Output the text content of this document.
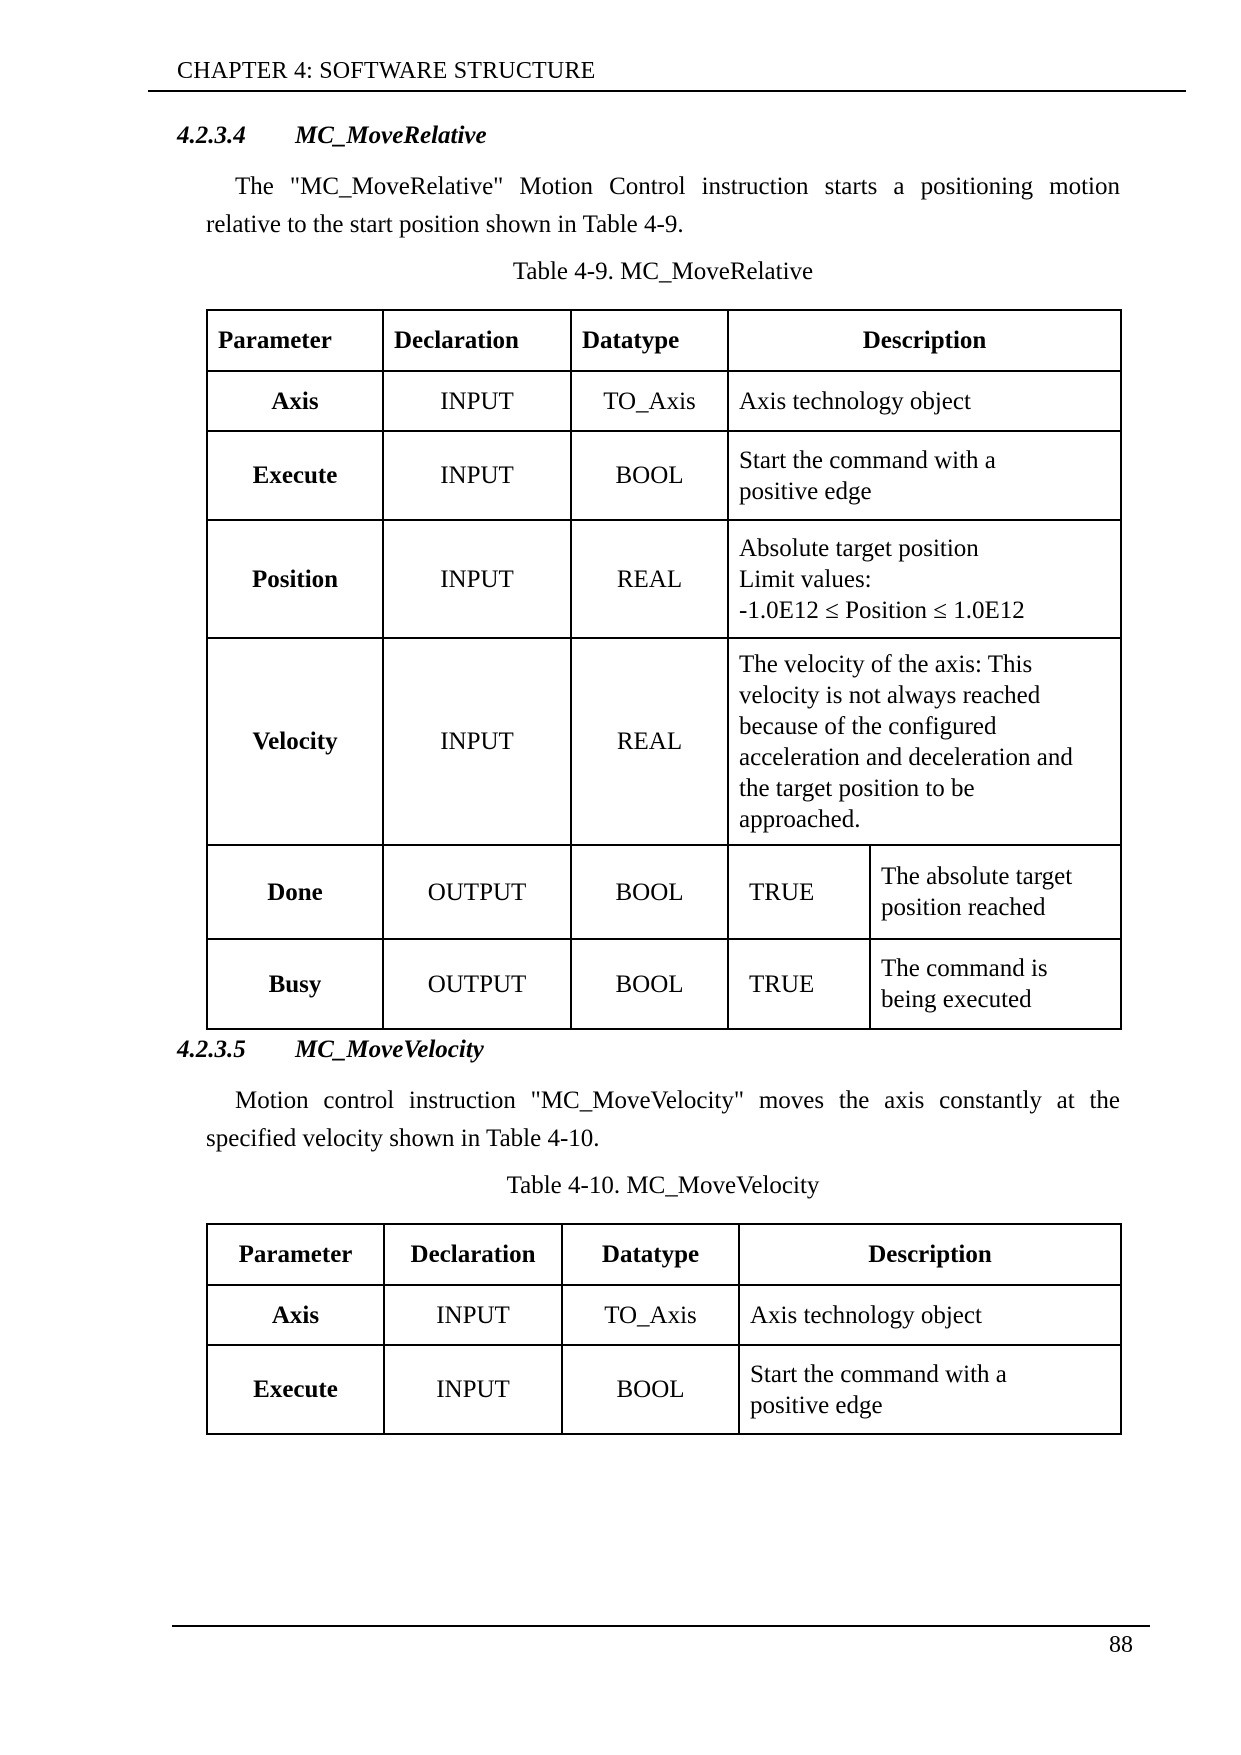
CHAPTER 4: SOFTWARE STRUCTURE
4.2.3.4 MC_MoveRelative
The "MC_MoveRelative" Motion Control instruction starts a positioning motion relative to the start position shown in Table 4-9.
Table 4-9. MC_MoveRelative
Parameter	Declaration	Datatype	Description	
Axis	INPUT	TO_Axis	Axis technology object	
Execute	INPUT	BOOL	Start the command with a positive edge	
Position	INPUT	REAL	Absolute target position
Limit values:
-1.0E12 ≤ Position ≤ 1.0E12	

Velocity	INPUT	REAL	The velocity of the axis: This velocity is not always reached because of the configured acceleration and deceleration and the target position to be approached.	
Done	OUTPUT	BOOL	TRUE	The absolute target position reached
Busy	OUTPUT	BOOL	TRUE	The command is being executed
4.2.3.5 MC_MoveVelocity
Motion control instruction "MC_MoveVelocity" moves the axis constantly at the specified velocity shown in Table 4-10.
Table 4-10. MC_MoveVelocity
Parameter	Declaration	Datatype	Description
Axis	INPUT	TO_Axis	Axis technology object
Execute	INPUT	BOOL	Start the command with a positive edge
88
